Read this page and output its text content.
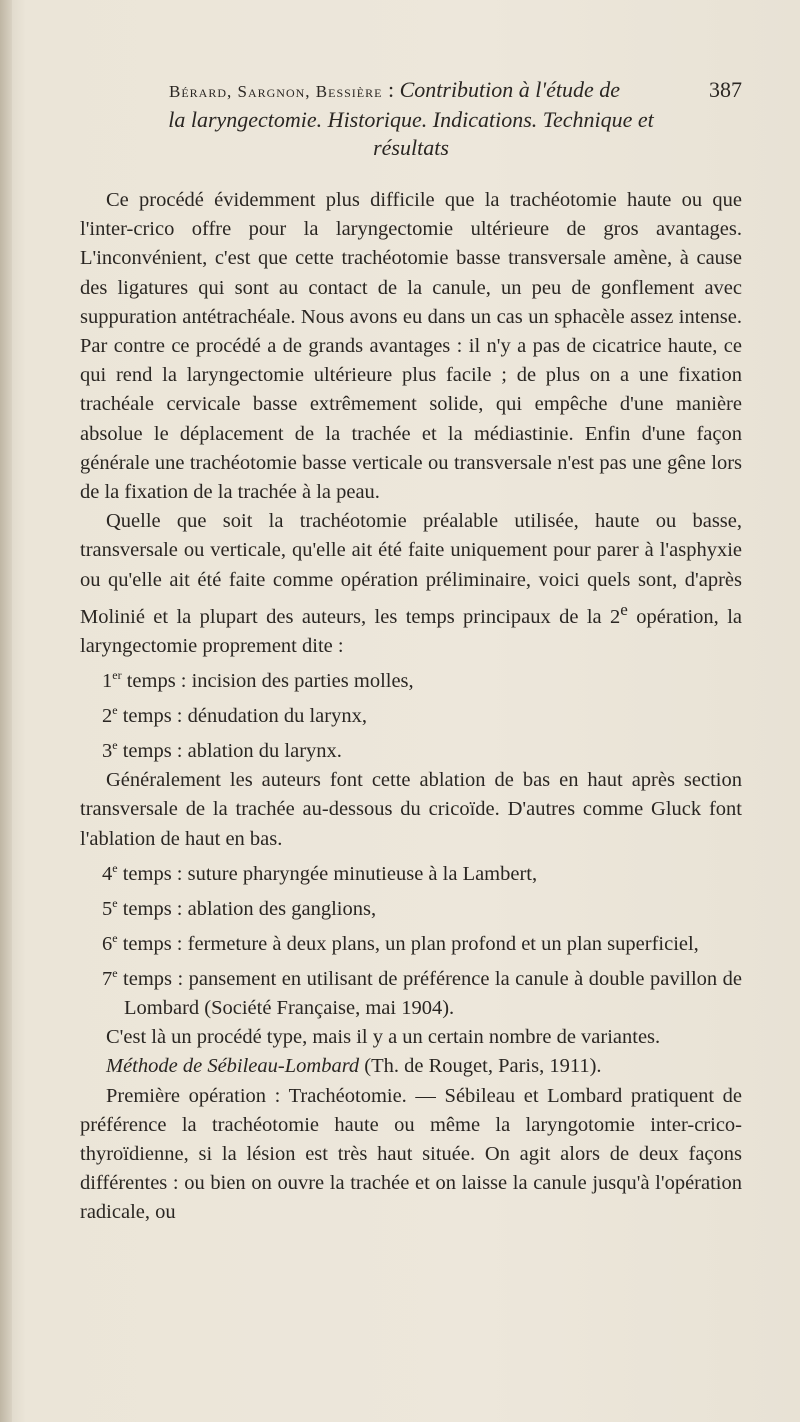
Bérard, Sargnon, Bessière : Contribution à l'étude de	387
la laryngectomie. Historique. Indications. Technique et
résultats

Ce procédé évidemment plus difficile que la trachéotomie haute ou que l'inter-crico offre pour la laryngectomie ultérieure de gros avantages. L'inconvénient, c'est que cette trachéotomie basse transversale amène, à cause des ligatures qui sont au contact de la canule, un peu de gonflement avec suppuration antétrachéale. Nous avons eu dans un cas un sphacèle assez intense. Par contre ce procédé a de grands avantages : il n'y a pas de cicatrice haute, ce qui rend la laryngectomie ultérieure plus facile ; de plus on a une fixation trachéale cervicale basse extrêmement solide, qui empêche d'une manière absolue le déplacement de la trachée et la médiastinie. Enfin d'une façon générale une trachéotomie basse verticale ou transversale n'est pas une gêne lors de la fixation de la trachée à la peau.

Quelle que soit la trachéotomie préalable utilisée, haute ou basse, transversale ou verticale, qu'elle ait été faite uniquement pour parer à l'asphyxie ou qu'elle ait été faite comme opération préliminaire, voici quels sont, d'après Molinié et la plupart des auteurs, les temps principaux de la 2e opération, la laryngectomie proprement dite :

1er temps : incision des parties molles,
2e temps : dénudation du larynx,
3e temps : ablation du larynx.

Généralement les auteurs font cette ablation de bas en haut après section transversale de la trachée au-dessous du cricoïde. D'autres comme Gluck font l'ablation de haut en bas.

4e temps : suture pharyngée minutieuse à la Lambert,
5e temps : ablation des ganglions,
6e temps : fermeture à deux plans, un plan profond et un plan superficiel,
7e temps : pansement en utilisant de préférence la canule à double pavillon de Lombard (Société Française, mai 1904).

C'est là un procédé type, mais il y a un certain nombre de variantes.

Méthode de Sébileau-Lombard (Th. de Rouget, Paris, 1911).

Première opération : Trachéotomie. — Sébileau et Lombard pratiquent de préférence la trachéotomie haute ou même la laryngotomie inter-crico-thyroïdienne, si la lésion est très haut située. On agit alors de deux façons différentes : ou bien on ouvre la trachée et on laisse la canule jusqu'à l'opération radicale, ou
